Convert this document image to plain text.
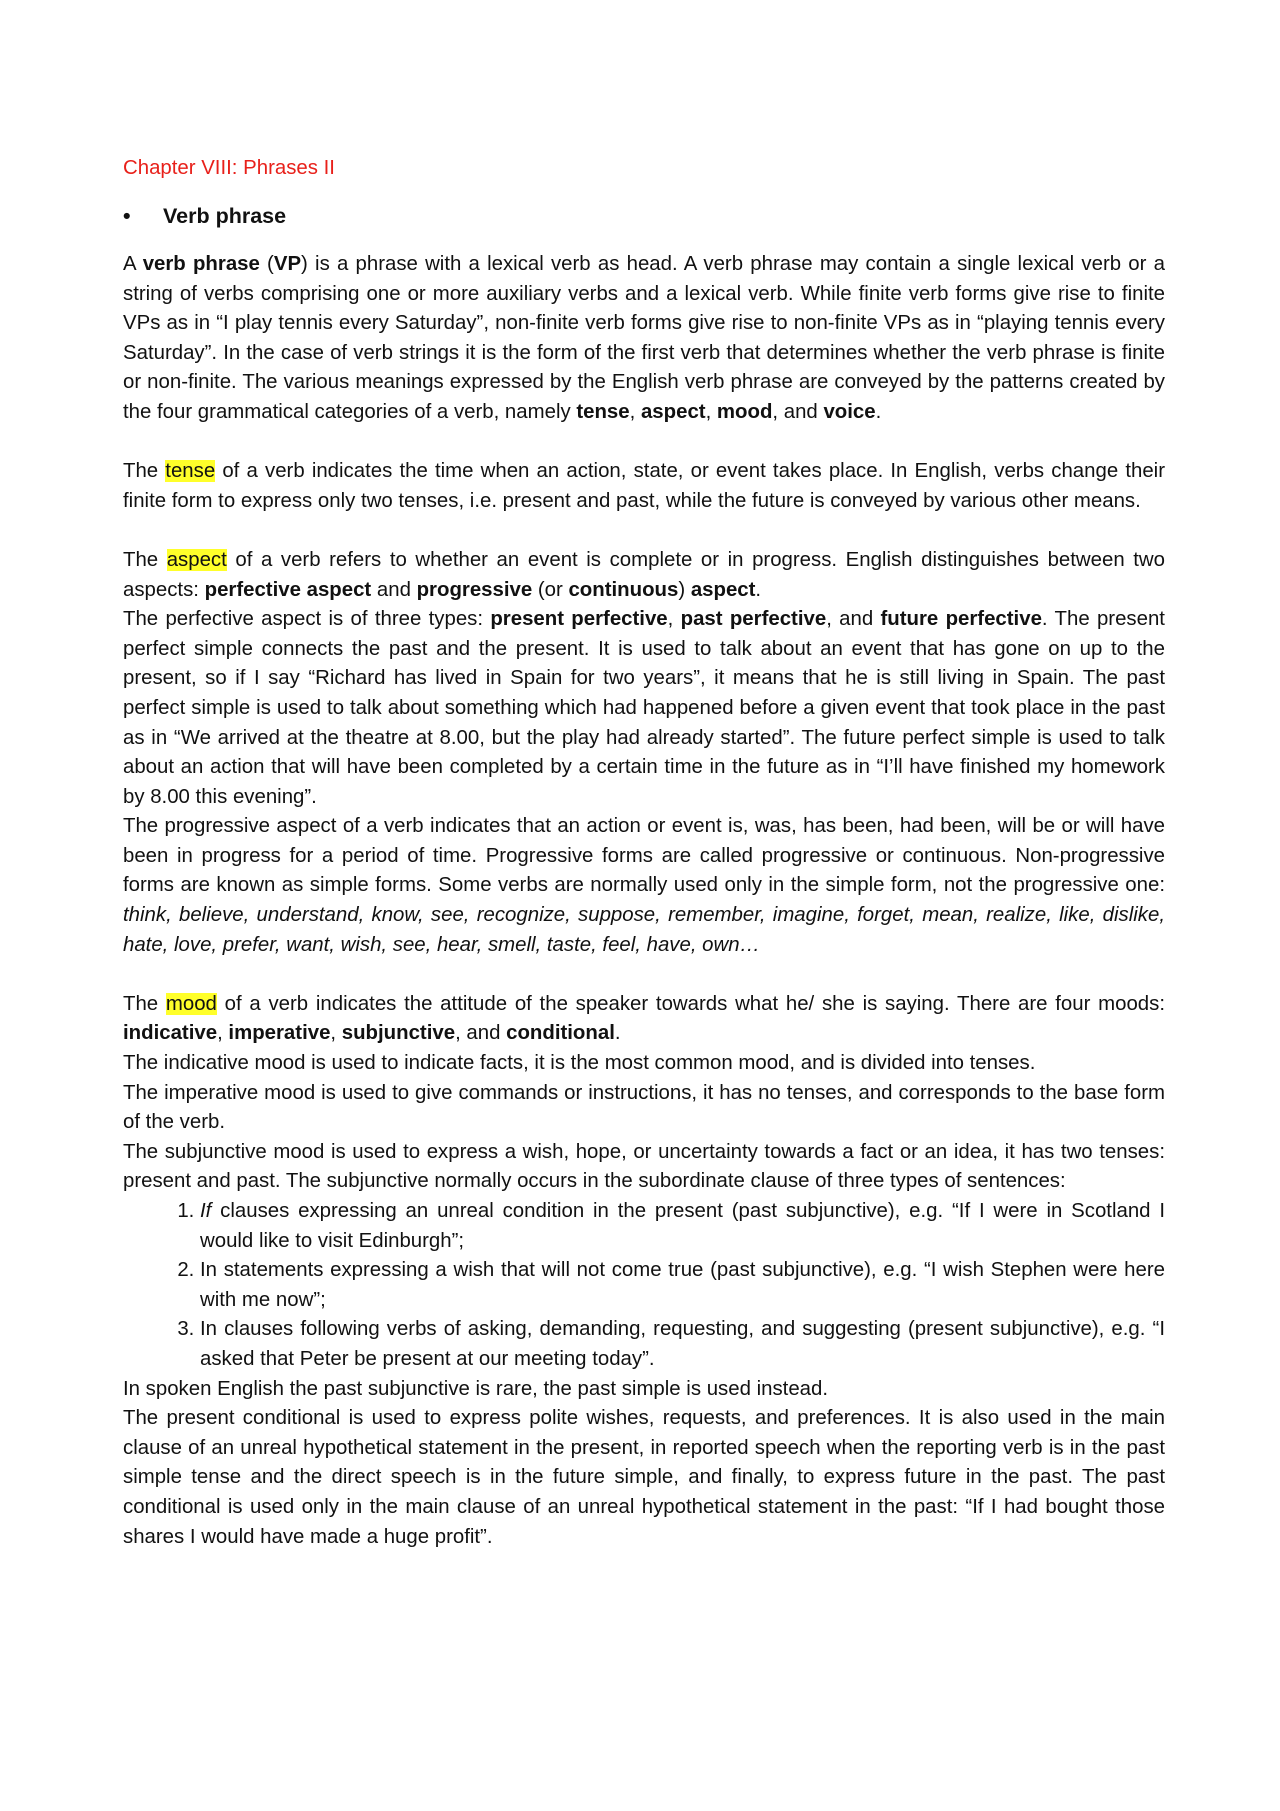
Chapter VIII: Phrases II

• Verb phrase

A verb phrase (VP) is a phrase with a lexical verb as head. A verb phrase may contain a single lexical verb or a string of verbs comprising one or more auxiliary verbs and a lexical verb. While finite verb forms give rise to finite VPs as in “I play tennis every Saturday”, non-finite verb forms give rise to non-finite VPs as in “playing tennis every Saturday”. In the case of verb strings it is the form of the first verb that determines whether the verb phrase is finite or non-finite. The various meanings expressed by the English verb phrase are conveyed by the patterns created by the four grammatical categories of a verb, namely tense, aspect, mood, and voice.

The tense of a verb indicates the time when an action, state, or event takes place. In English, verbs change their finite form to express only two tenses, i.e. present and past, while the future is conveyed by various other means.

The aspect of a verb refers to whether an event is complete or in progress. English distinguishes between two aspects: perfective aspect and progressive (or continuous) aspect.

The perfective aspect is of three types: present perfective, past perfective, and future perfective. The present perfect simple connects the past and the present. It is used to talk about an event that has gone on up to the present, so if I say “Richard has lived in Spain for two years”, it means that he is still living in Spain. The past perfect simple is used to talk about something which had happened before a given event that took place in the past as in “We arrived at the theatre at 8.00, but the play had already started”. The future perfect simple is used to talk about an action that will have been completed by a certain time in the future as in “I’ll have finished my homework by 8.00 this evening”.

The progressive aspect of a verb indicates that an action or event is, was, has been, had been, will be or will have been in progress for a period of time. Progressive forms are called progressive or continuous. Non-progressive forms are known as simple forms. Some verbs are normally used only in the simple form, not the progressive one: think, believe, understand, know, see, recognize, suppose, remember, imagine, forget, mean, realize, like, dislike, hate, love, prefer, want, wish, see, hear, smell, taste, feel, have, own…

The mood of a verb indicates the attitude of the speaker towards what he/ she is saying. There are four moods: indicative, imperative, subjunctive, and conditional.

The indicative mood is used to indicate facts, it is the most common mood, and is divided into tenses.

The imperative mood is used to give commands or instructions, it has no tenses, and corresponds to the base form of the verb.

The subjunctive mood is used to express a wish, hope, or uncertainty towards a fact or an idea, it has two tenses: present and past. The subjunctive normally occurs in the subordinate clause of three types of sentences:

1. If clauses expressing an unreal condition in the present (past subjunctive), e.g. “If I were in Scotland I would like to visit Edinburgh”;
2. In statements expressing a wish that will not come true (past subjunctive), e.g. “I wish Stephen were here with me now”;
3. In clauses following verbs of asking, demanding, requesting, and suggesting (present subjunctive), e.g. “I asked that Peter be present at our meeting today”.

In spoken English the past subjunctive is rare, the past simple is used instead.

The present conditional is used to express polite wishes, requests, and preferences. It is also used in the main clause of an unreal hypothetical statement in the present, in reported speech when the reporting verb is in the past simple tense and the direct speech is in the future simple, and finally, to express future in the past. The past conditional is used only in the main clause of an unreal hypothetical statement in the past: “If I had bought those shares I would have made a huge profit”.
